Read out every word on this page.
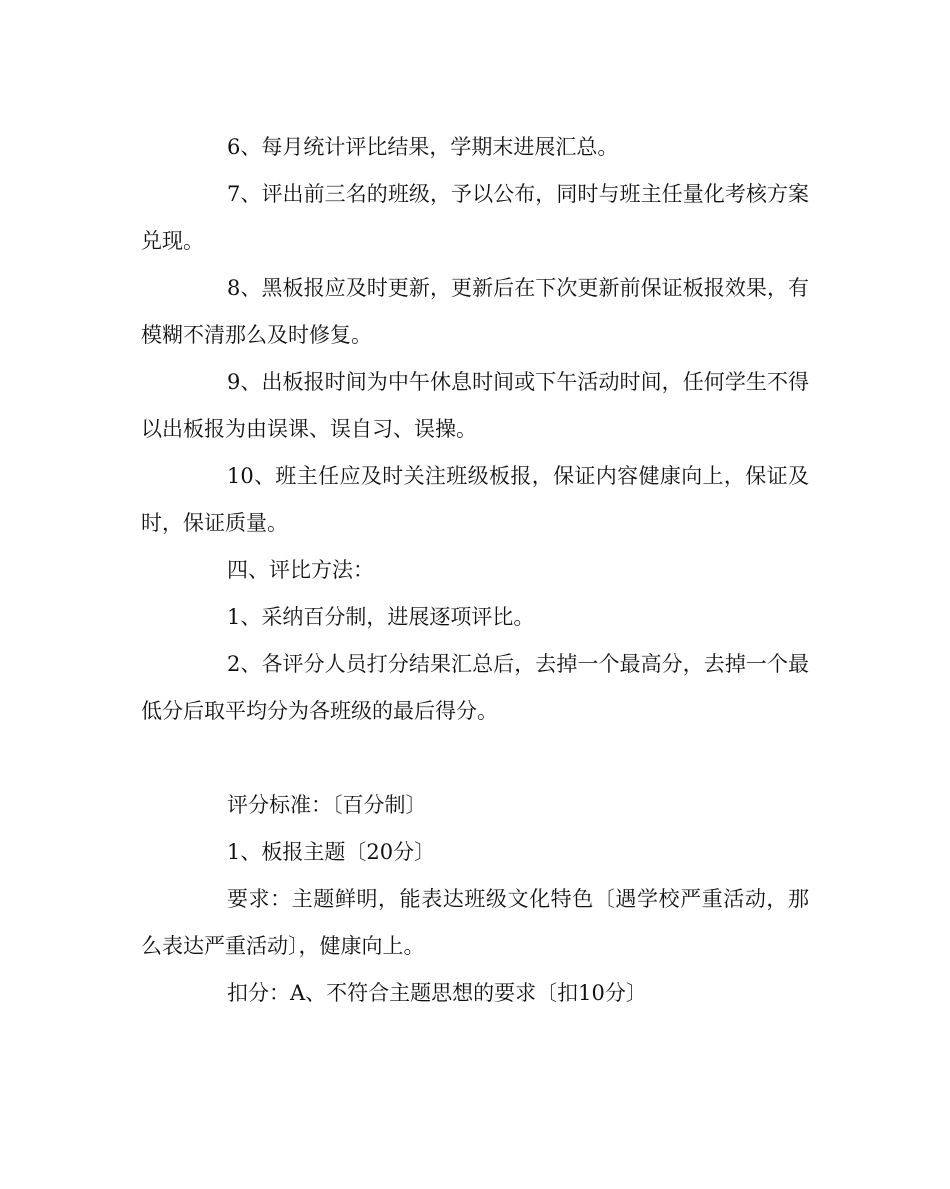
6、每月统计评比结果，学期末进展汇总。

7、评出前三名的班级，予以公布，同时与班主任量化考核方案兑现。

8、黑板报应及时更新，更新后在下次更新前保证板报效果，有模糊不清那么及时修复。

9、出板报时间为中午休息时间或下午活动时间，任何学生不得以出板报为由误课、误自习、误操。

10、班主任应及时关注班级板报，保证内容健康向上，保证及时，保证质量。

四、评比方法：

1、采纳百分制，进展逐项评比。

2、各评分人员打分结果汇总后，去掉一个最高分，去掉一个最低分后取平均分为各班级的最后得分。

评分标准：〔百分制〕

1、板报主题〔20分〕

要求：主题鲜明，能表达班级文化特色〔遇学校严重活动，那么表达严重活动〕，健康向上。

扣分：A、不符合主题思想的要求〔扣10分〕
